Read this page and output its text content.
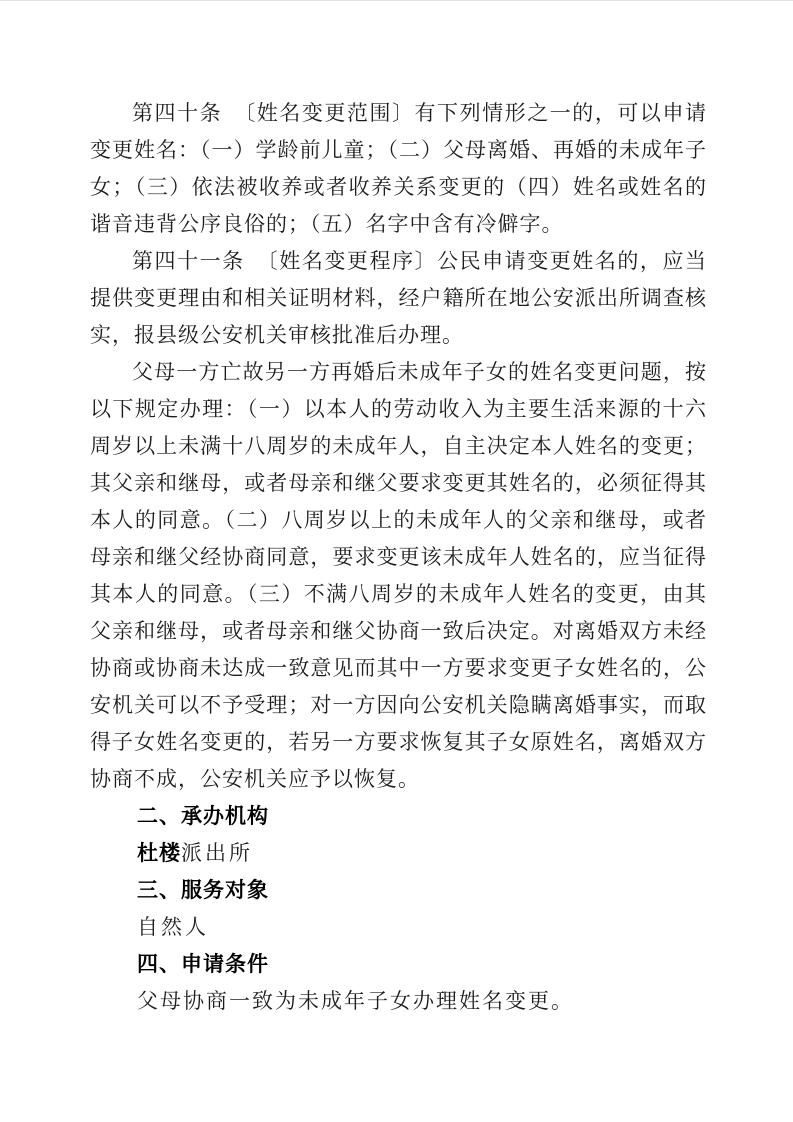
第四十条　〔姓名变更范围〕有下列情形之一的，可以申请变更姓名：（一）学龄前儿童；（二）父母离婚、再婚的未成年子女；（三）依法被收养或者收养关系变更的（四）姓名或姓名的谐音违背公序良俗的；（五）名字中含有冷僻字。

第四十一条　〔姓名变更程序〕公民申请变更姓名的，应当提供变更理由和相关证明材料，经户籍所在地公安派出所调查核实，报县级公安机关审核批准后办理。

父母一方亡故另一方再婚后未成年子女的姓名变更问题，按以下规定办理：（一）以本人的劳动收入为主要生活来源的十六周岁以上未满十八周岁的未成年人，自主决定本人姓名的变更；其父亲和继母，或者母亲和继父要求变更其姓名的，必须征得其本人的同意。（二）八周岁以上的未成年人的父亲和继母，或者母亲和继父经协商同意，要求变更该未成年人姓名的，应当征得其本人的同意。（三）不满八周岁的未成年人姓名的变更，由其父亲和继母，或者母亲和继父协商一致后决定。对离婚双方未经协商或协商未达成一致意见而其中一方要求变更子女姓名的，公安机关可以不予受理；对一方因向公安机关隐瞒离婚事实，而取得子女姓名变更的，若另一方要求恢复其子女原姓名，离婚双方协商不成，公安机关应予以恢复。

二、承办机构

杜楼派出所

三、服务对象

自然人

四、申请条件

父母协商一致为未成年子女办理姓名变更。
